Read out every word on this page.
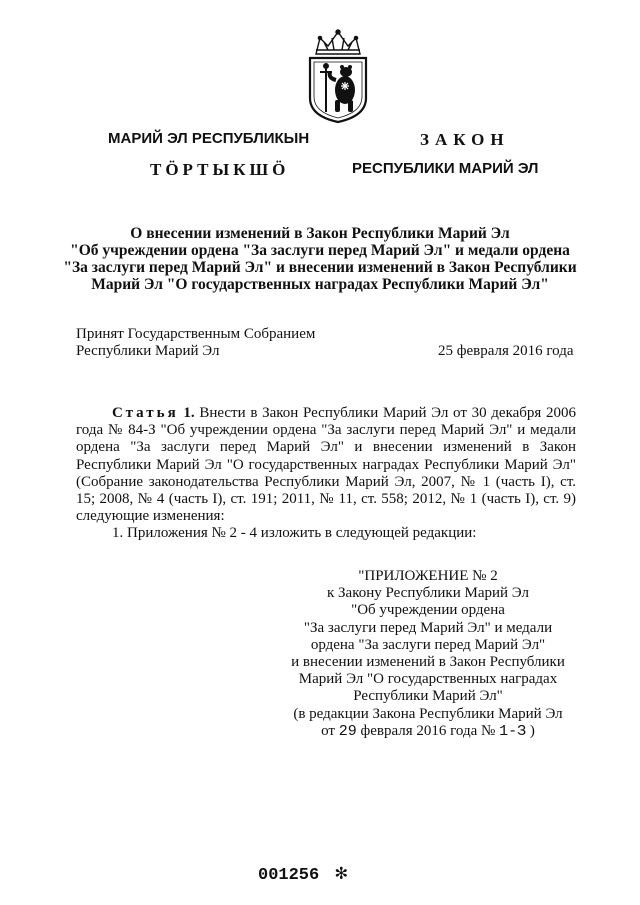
МАРИЙ ЭЛ РЕСПУБЛИКЫН
ТӦРТЫКШӦ
ЗАКОН
РЕСПУБЛИКИ МАРИЙ ЭЛ
О внесении изменений в Закон Республики Марий Эл
"Об учреждении ордена "За заслуги перед Марий Эл" и медали ордена
"За заслуги перед Марий Эл" и внесении изменений в Закон Республики
Марий Эл "О государственных наградах Республики Марий Эл"
Принят Государственным Собранием
Республики Марий Эл	25 февраля 2016 года

Статья 1. Внести в Закон Республики Марий Эл от 30 декабря 2006 года № 84-З "Об учреждении ордена "За заслуги перед Марий Эл" и медали ордена "За заслуги перед Марий Эл" и внесении изменений в Закон Республики Марий Эл "О государственных наградах Республики Марий Эл" (Собрание законодательства Республики Марий Эл, 2007, № 1 (часть I), ст. 15; 2008, № 4 (часть I), ст. 191; 2011, № 11, ст. 558; 2012, № 1 (часть I), ст. 9) следующие изменения:

1. Приложения № 2 - 4 изложить в следующей редакции:

"ПРИЛОЖЕНИЕ № 2
к Закону Республики Марий Эл
"Об учреждении ордена
"За заслуги перед Марий Эл" и медали
ордена "За заслуги перед Марий Эл"
и внесении изменений в Закон Республики
Марий Эл "О государственных наградах
Республики Марий Эл"
(в редакции Закона Республики Марий Эл
от 29 февраля 2016 года № 1-З )
001256 ✻
